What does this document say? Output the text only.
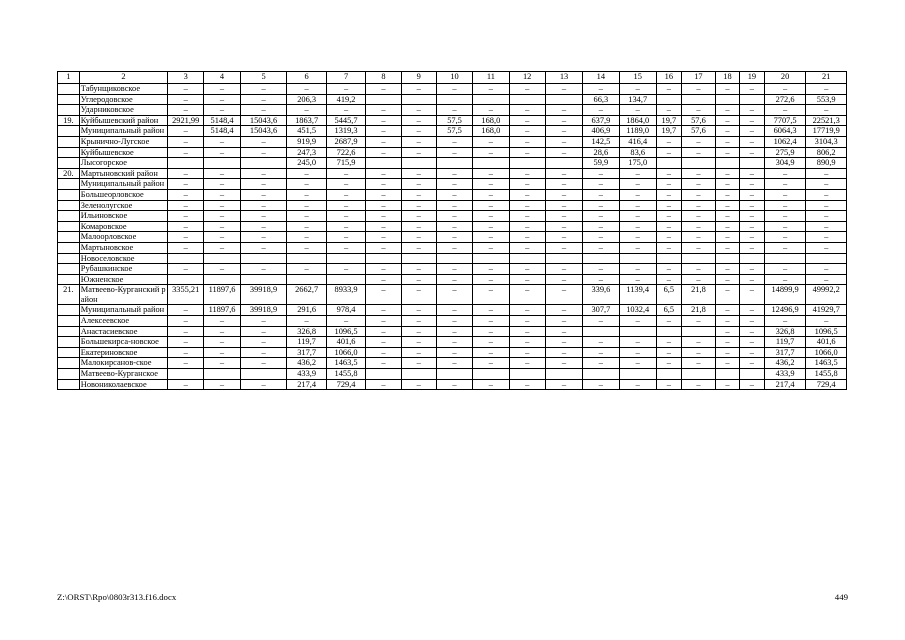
1	2	3	4	5	6	7	8	9	10	11	12	13	14	15	16	17	18	19	20	21
	Табунщиковское	–	–	–	–	–	–	–	–	–	–	–	–	–	–	–	–	–	–	–
	Углеродовское	–	–	–	206,3	419,2							66,3	134,7					272,6	553,9
	Ударниковское	–	–	–	–	–	–	–	–	–	–	–	–	–	–	–	–	–	–	–
19.	Куйбышевский район	2921,99	5148,4	15043,6	1863,7	5445,7	–	–	57,5	168,0	–	–	637,9	1864,0	19,7	57,6	–	–	7707,5	22521,3
	Муниципальный район	–	5148,4	15043,6	451,5	1319,3	–	–	57,5	168,0	–	–	406,9	1189,0	19,7	57,6	–	–	6064,3	17719,9
	Крынично-Лугское	–	–	–	919,9	2687,9	–	–	–	–	–	–	142,5	416,4	–	–	–	–	1062,4	3104,3
	Куйбышевское	–	–	–	247,3	722,6	–	–	–	–	–	–	28,6	83,6	–	–	–	–	275,9	806,2
	Лысогорское				245,0	715,9							59,9	175,0					304,9	890,9
20.	Мартыновский район	–	–	–	–	–	–	–	–	–	–	–	–	–	–	–	–	–	–	–
	Муниципальный район	–	–	–	–	–	–	–	–	–	–	–	–	–	–	–	–	–	–	–
	Большеорловское	–	–	–	–	–	–	–	–	–	–	–	–	–	–	–	–	–	–	–
	Зеленолугское	–	–	–	–	–	–	–	–	–	–	–	–	–	–	–	–	–	–	–
	Ильиновское	–	–	–	–	–	–	–	–	–	–	–	–	–	–	–	–	–	–	–
	Комаровское	–	–	–	–	–	–	–	–	–	–	–	–	–	–	–	–	–	–	–
	Малоорловское	–	–	–	–	–	–	–	–	–	–	–	–	–	–	–	–	–	–	–
	Мартыновское	–	–	–	–	–	–	–	–	–	–	–	–	–	–	–	–	–	–	–
	Новоселовское																			
	Рубашкинское	–	–	–	–	–	–	–	–	–	–	–	–	–	–	–	–	–	–	–
	Южненское						–	–	–	–	–	–	–	–	–	–	–	–	–	–
21.	Матвеево-Курганский район	3355,21	11897,6	39918,9	2662,7	8933,9	–	–	–	–	–	–	339,6	1139,4	6,5	21,8	–	–	14899,9	49992,2
	Муниципальный район	–	11897,6	39918,9	291,6	978,4	–	–	–	–	–	–	307,7	1032,4	6,5	21,8	–	–	12496,9	41929,7
	Алексеевское	–	–	–	–	–	–	–	–	–	–	–	–	–	–	–	–	–	–	–
	Анастасиевское	–	–	–	326,8	1096,5	–	–	–	–	–	–					–	–	326,8	1096,5
	Большекирса-новское	–	–	–	119,7	401,6	–	–	–	–	–	–	–	–	–	–	–	–	119,7	401,6
	Екатериновское	–	–	–	317,7	1066,0	–	–	–	–	–	–	–	–	–	–	–	–	317,7	1066,0
	Малокирсанов-ское	–	–	–	436,2	1463,5	–	–	–	–	–	–	–	–	–	–	–	–	436,2	1463,5
	Матвеево-Курганское				433,9	1455,8													433,9	1455,8
	Новониколаевское	–	–	–	217,4	729,4	–	–	–	–	–	–	–	–	–	–	–	–	217,4	729,4
Z:\ORST\Rpo\0803r313.f16.docx	449
